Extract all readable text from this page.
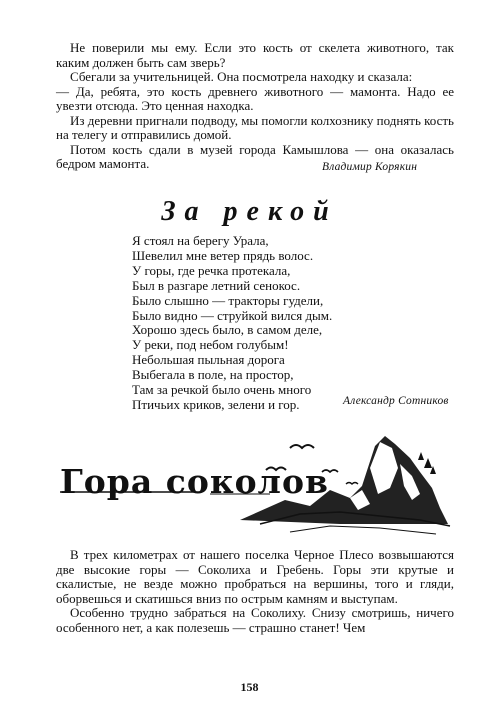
Не поверили мы ему. Если это кость от скелета животного, так каким должен быть сам зверь?

Сбегали за учительницей. Она посмотрела находку и сказала:

— Да, ребята, это кость древнего животного — мамонта. Надо ее увезти отсюда. Это ценная находка.

Из деревни пригнали подводу, мы помогли колхознику поднять кость на телегу и отправились домой.

Потом кость сдали в музей города Камышлова — она оказалась бедром мамонта.	Владимир Корякин
За рекой
Я стоял на берегу Урала,
Шевелил мне ветер прядь волос.
У горы, где речка протекала,
Был в разгаре летний сенокос.
Было слышно — тракторы гудели,
Было видно — струйкой вился дым.
Хорошо здесь было, в самом деле,
У реки, под небом голубым!
Небольшая пыльная дорога
Выбегала в поле, на простор,
Там за речкой было очень много
Птичьих криков, зелени и гор.	Александр Сотников
Гора соколов

В трех километрах от нашего поселка Черное Плесо возвышаются две высокие горы — Соколиха и Гребень. Горы эти крутые и скалистые, не везде можно пробраться на вершины, того и гляди, оборвешься и скатишься вниз по острым камням и выступам.

Особенно трудно забраться на Соколиху. Снизу смотришь, ничего особенного нет, а как полезешь — страшно станет! Чем

158
